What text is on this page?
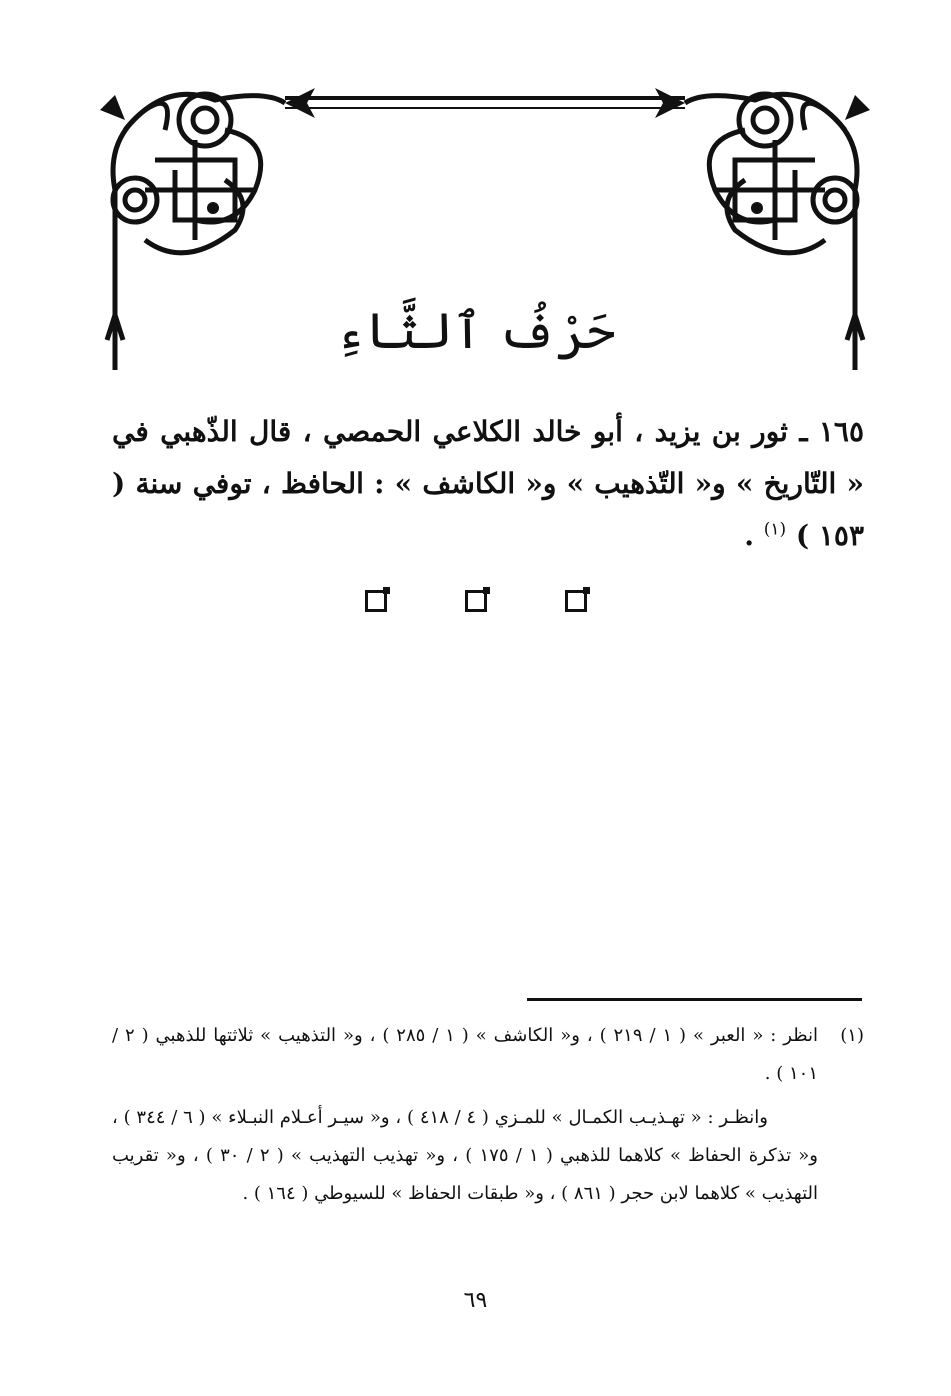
حَرْفُ ٱلثَّاءِ
١٦٥ ـ ثور بن يزيد ، أبو خالد الكلاعي الحمصي ، قال الذّهبي في « التّاريخ » و« التّذهيب » و« الكاشف » : الحافظ ، توفي سنة ( ١٥٣ ) $^{(١)}$ .
(١)
انظر : « العبر » ( ١ / ٢١٩ ) ، و« الكاشف » ( ١ / ٢٨٥ ) ، و« التذهيب » ثلاثتها للذهبي ( ٢ / ١٠١ ) .
وانظـر : « تهـذيـب الكمـال » للمـزي ( ٤ / ٤١٨ ) ، و« سيـر أعـلام النبـلاء » ( ٦ / ٣٤٤ ) ، و« تذكرة الحفاظ » كلاهما للذهبي ( ١ / ١٧٥ ) ، و« تهذيب التهذيب » ( ٢ / ٣٠ ) ، و« تقريب التهذيب » كلاهما لابن حجر ( ٨٦١ ) ، و« طبقات الحفاظ » للسيوطي ( ١٦٤ ) .
٦٩
